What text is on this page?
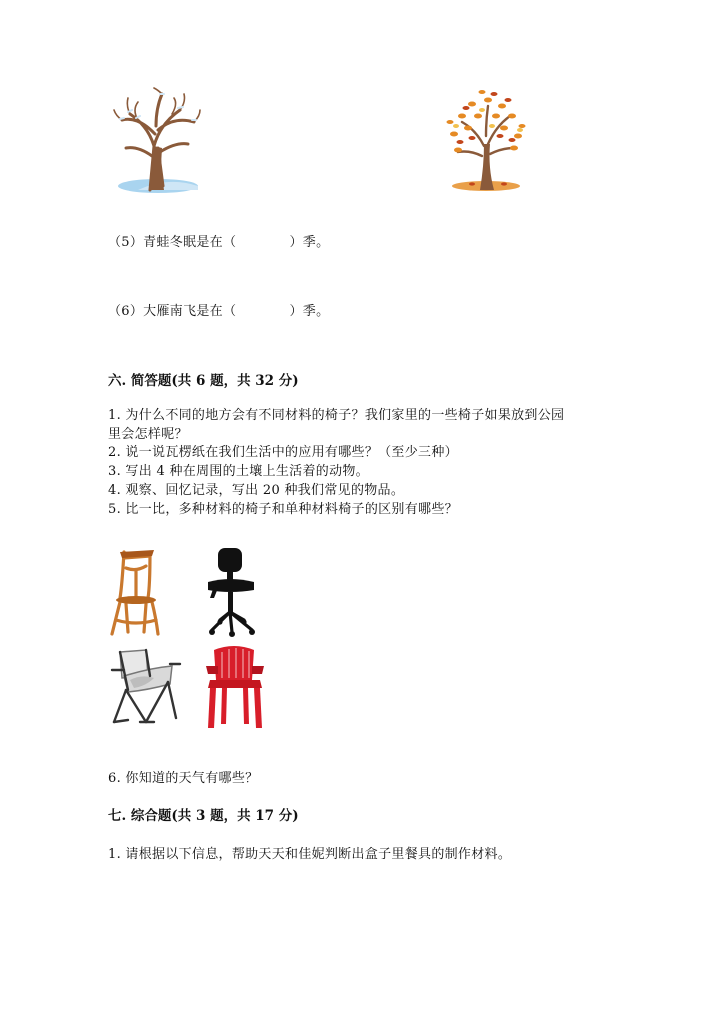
（5）青蛙冬眠是在（　　　　）季。
（6）大雁南飞是在（　　　　）季。
六. 简答题(共 6 题，共 32 分)
1. 为什么不同的地方会有不同材料的椅子？我们家里的一些椅子如果放到公园
里会怎样呢？
2. 说一说瓦楞纸在我们生活中的应用有哪些？（至少三种）
3. 写出 4 种在周围的土壤上生活着的动物。
4. 观察、回忆记录，写出 20 种我们常见的物品。
5. 比一比，多种材料的椅子和单种材料椅子的区别有哪些？
6. 你知道的天气有哪些？
七. 综合题(共 3 题，共 17 分)
1. 请根据以下信息，帮助天天和佳妮判断出盒子里餐具的制作材料。
